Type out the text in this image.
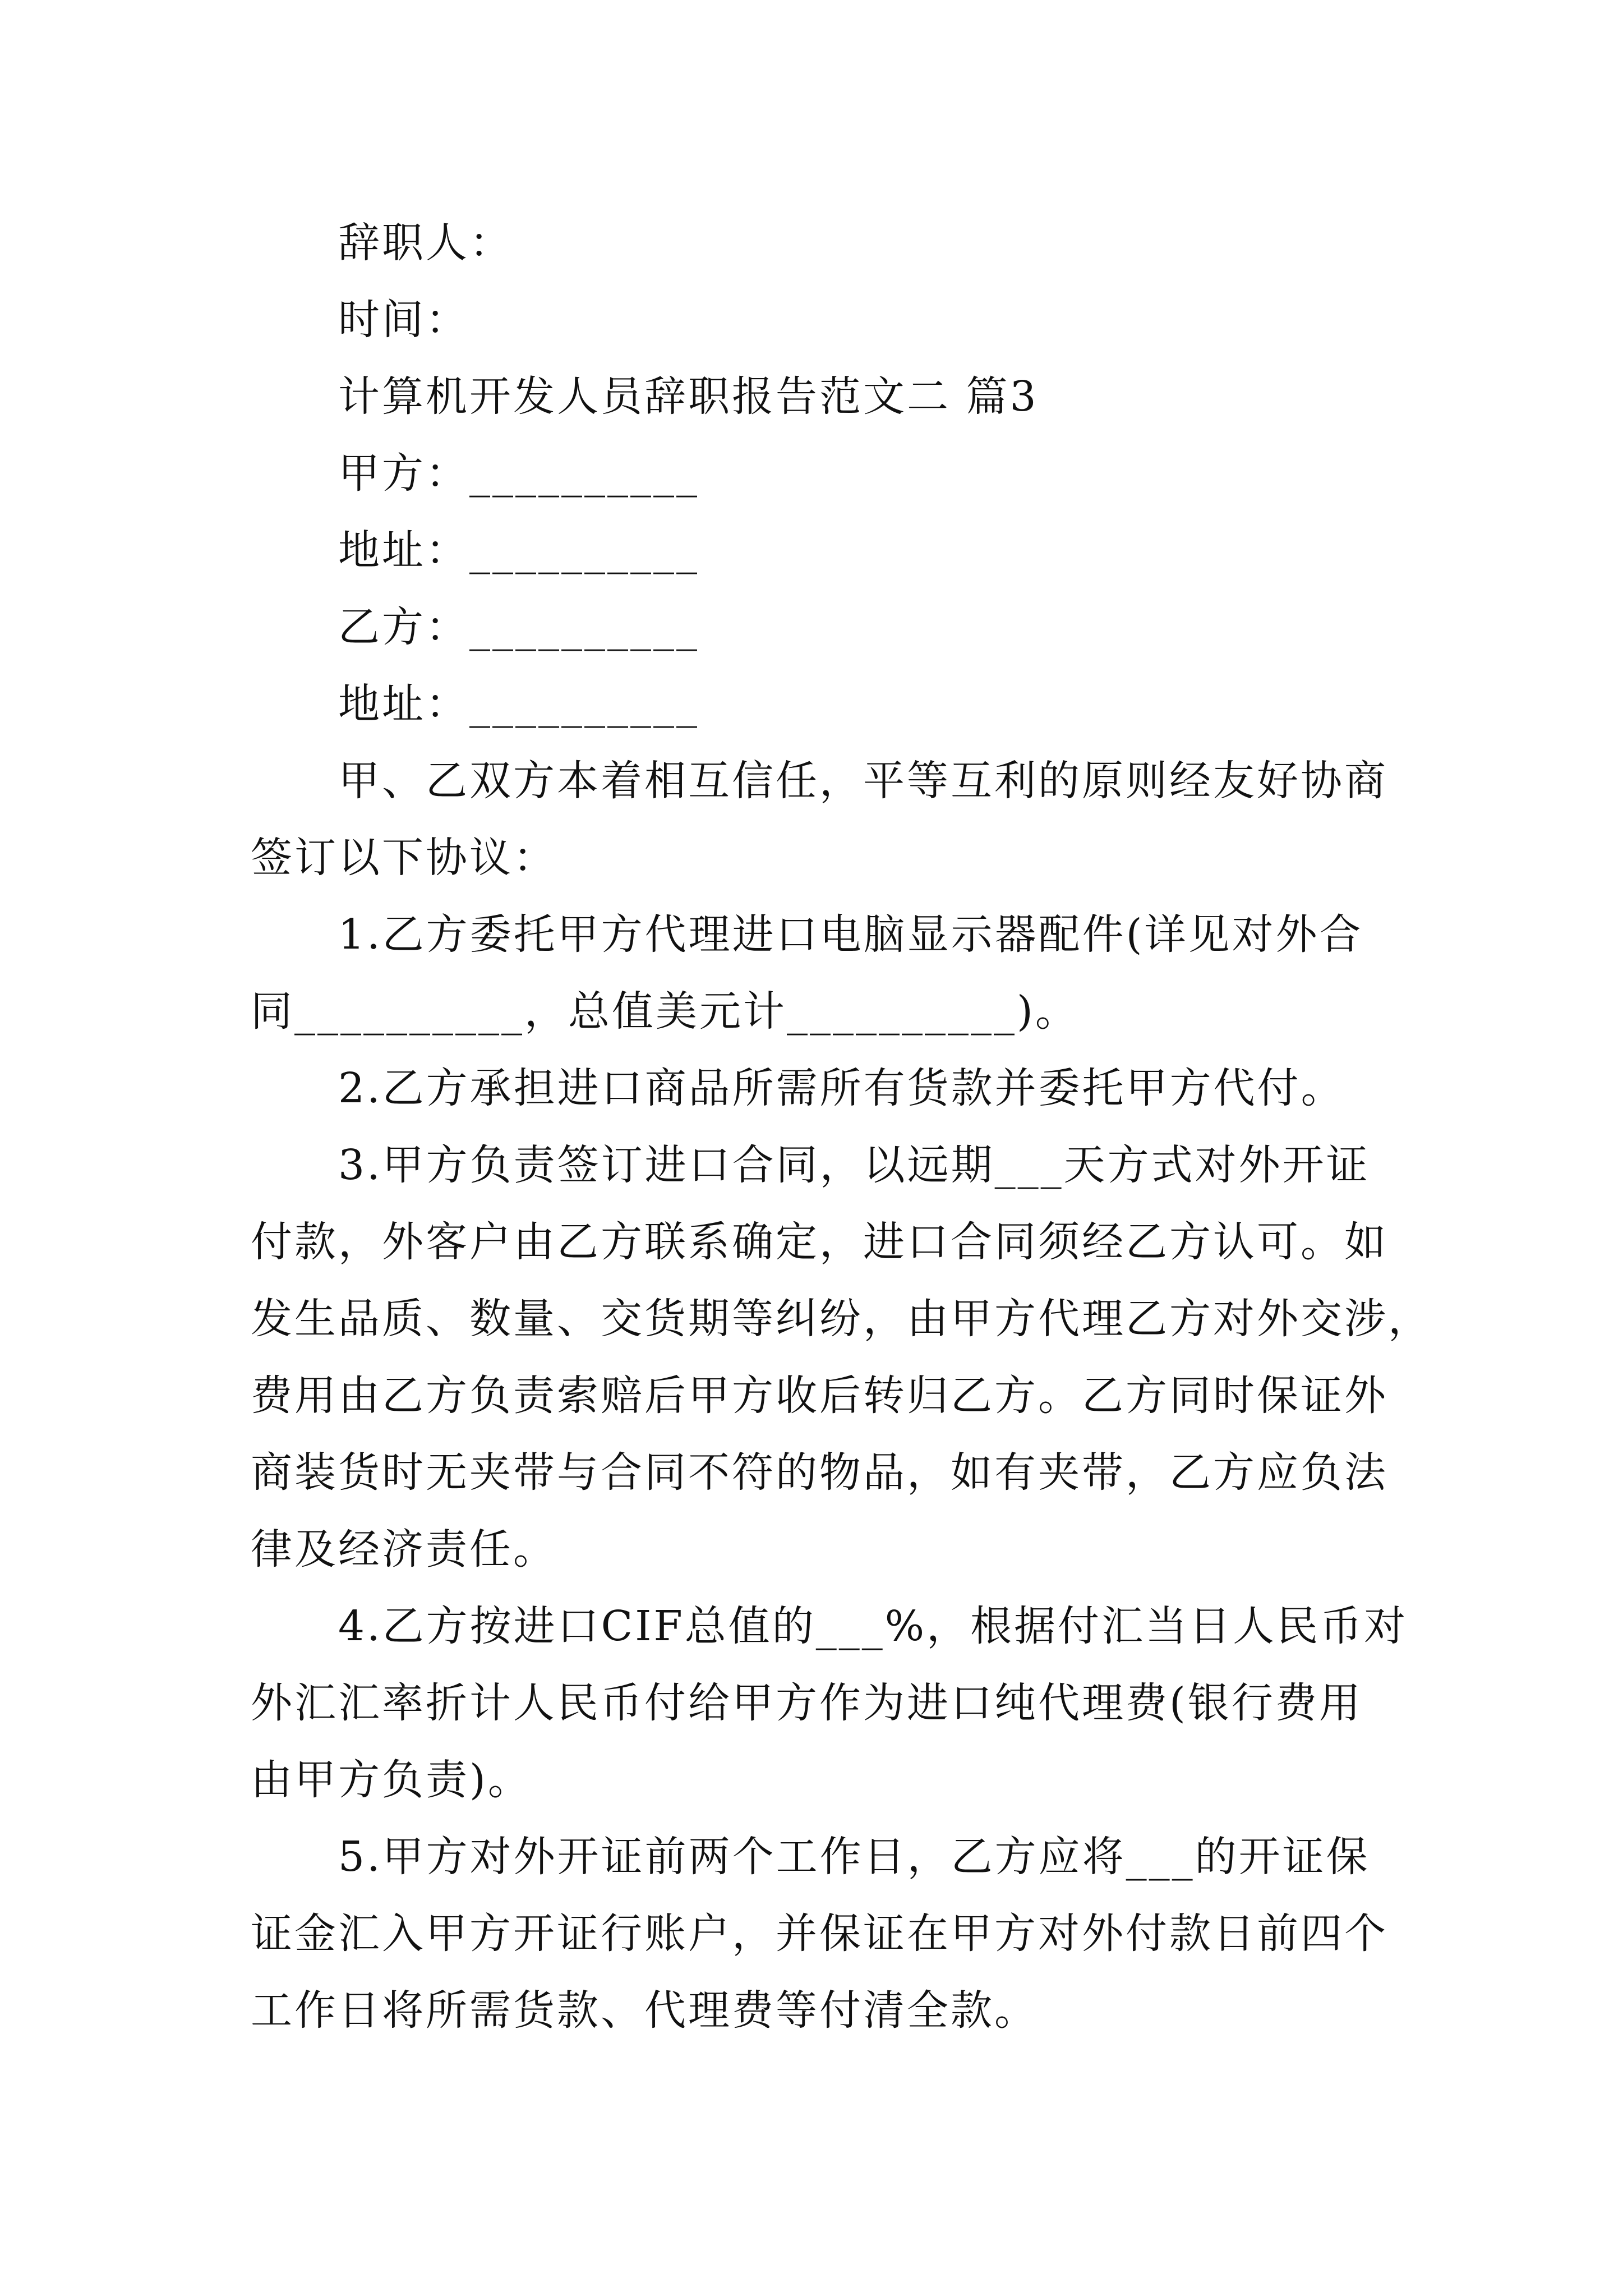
辞职人：
时间：
计算机开发人员辞职报告范文二 篇3
甲方：__________
地址：__________
乙方：__________
地址：__________
甲、乙双方本着相互信任，平等互利的原则经友好协商
签订以下协议：
1.乙方委托甲方代理进口电脑显示器配件(详见对外合
同__________，总值美元计__________)。
2.乙方承担进口商品所需所有货款并委托甲方代付。
3.甲方负责签订进口合同，以远期___天方式对外开证
付款，外客户由乙方联系确定，进口合同须经乙方认可。如
发生品质、数量、交货期等纠纷，由甲方代理乙方对外交涉，
费用由乙方负责索赔后甲方收后转归乙方。乙方同时保证外
商装货时无夹带与合同不符的物品，如有夹带，乙方应负法
律及经济责任。
4.乙方按进口CIF总值的___%，根据付汇当日人民币对
外汇汇率折计人民币付给甲方作为进口纯代理费(银行费用
由甲方负责)。
5.甲方对外开证前两个工作日，乙方应将___的开证保
证金汇入甲方开证行账户，并保证在甲方对外付款日前四个
工作日将所需货款、代理费等付清全款。
